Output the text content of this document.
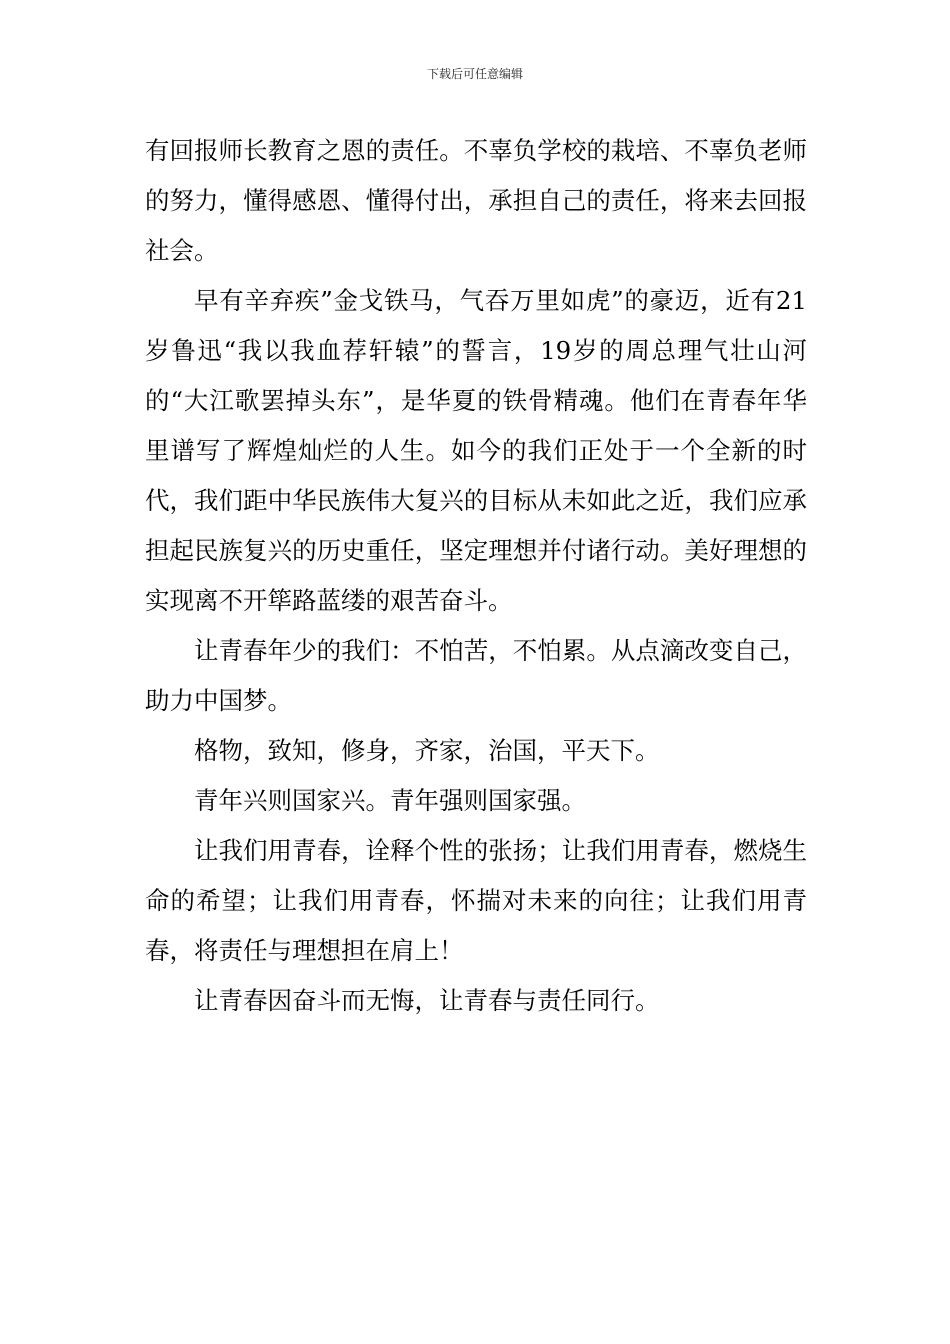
下载后可任意编辑

有回报师长教育之恩的责任。不辜负学校的栽培、不辜负老师的努力，懂得感恩、懂得付出，承担自己的责任，将来去回报社会。

早有辛弃疾”金戈铁马，气吞万里如虎”的豪迈，近有21岁鲁迅“我以我血荐轩辕”的誓言，19岁的周总理气壮山河的“大江歌罢掉头东”，是华夏的铁骨精魂。他们在青春年华里谱写了辉煌灿烂的人生。如今的我们正处于一个全新的时代，我们距中华民族伟大复兴的目标从未如此之近，我们应承担起民族复兴的历史重任，坚定理想并付诸行动。美好理想的实现离不开筚路蓝缕的艰苦奋斗。

让青春年少的我们：不怕苦，不怕累。从点滴改变自己，助力中国梦。

格物，致知，修身，齐家，治国，平天下。

青年兴则国家兴。青年强则国家强。

让我们用青春，诠释个性的张扬；让我们用青春，燃烧生命的希望；让我们用青春，怀揣对未来的向往；让我们用青春，将责任与理想担在肩上！

让青春因奋斗而无悔，让青春与责任同行。
